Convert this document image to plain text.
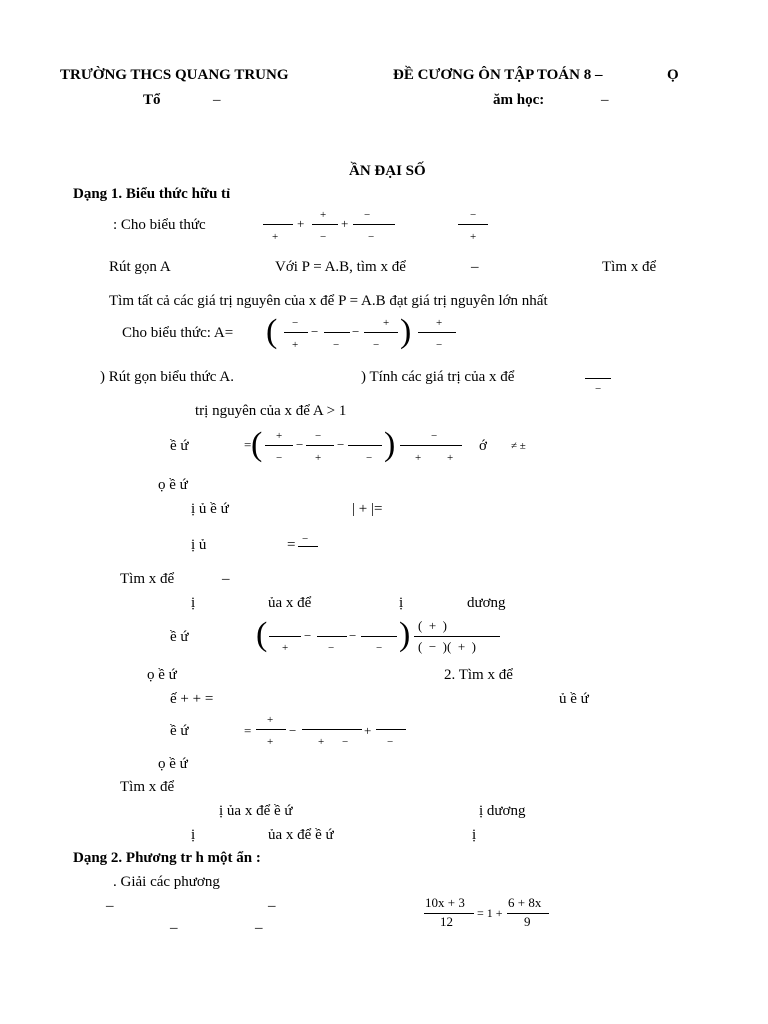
TRƯỜNG THCS QUANG TRUNG	ĐỀ CƯƠNG ÔN TẬP TOÁN 8 –	Ọ
Tổ	–	ăm học:	–
ẦN ĐẠI SỐ
Dạng 1. Biểu thức hữu tỉ
: Cho biểu thức
+
+
+
−
+
−
−
−
+
Rút gọn A	Với P = A.B, tìm x để	–	Tìm x để
Tìm tất cả các giá trị nguyên của x để P = A.B đạt giá trị nguyên lớn nhất
Cho biểu thức: A= ( −
+
−
−
−
+
− ) +
−
) Rút gọn biểu thức A.	) Tính các giá trị của x để
−
trị nguyên của x để A > 1
ề ứ	= ( +
−
−
−
+
−
− )	−
+ +
ớ ≠ ±
ọ ề ứ
ị ủ ề ứ	| + |=
ị ủ	= −
Tìm x để	–
ị	ủa x để	ị	dương
ề ứ ( +
−
−
−
− ) (  +  )
(  −  )(  +  )
ọ ề ứ	2. Tìm x để
ế + + =	ủ ề ứ
ề ứ	=
+
+
−
+ −
+
−
ọ ề ứ
Tìm x để
ị ủa x để ề ứ	ị dương
ị	ủa x để ề ứ	ị
Dạng 2. Phương tr h một ẩn :
. Giải các phương
–	–
–	–
10x + 3
12
= 1 +
6 + 8x
9
